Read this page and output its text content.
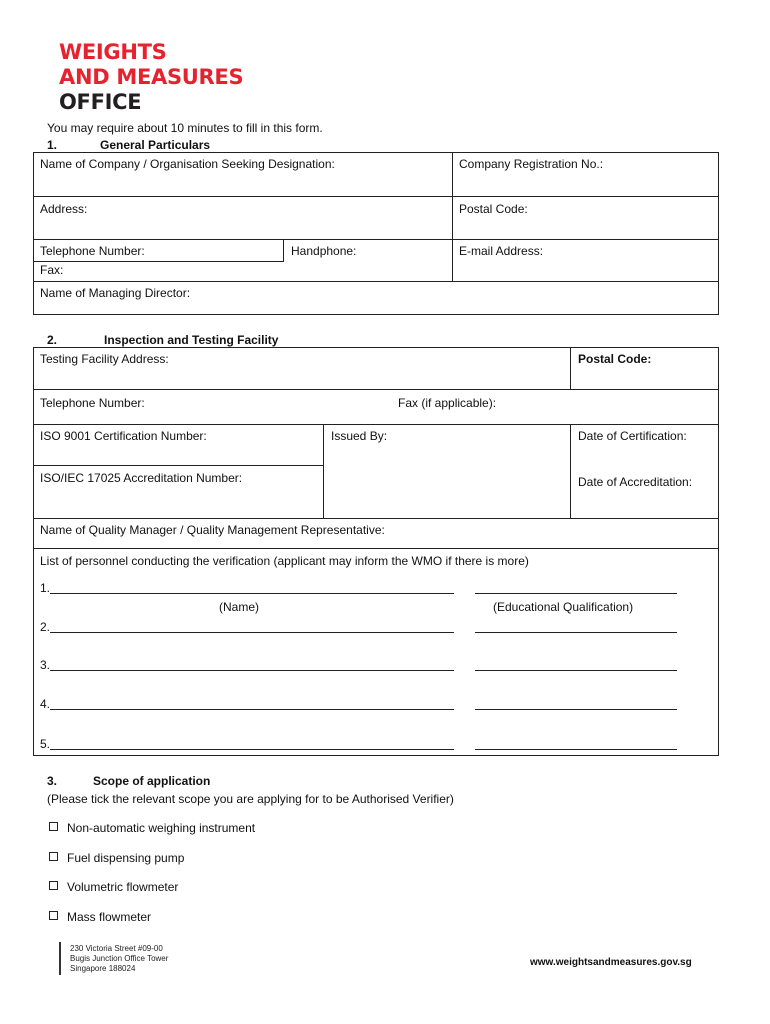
WEIGHTS
AND MEASURES
OFFICE
You may require about 10 minutes to fill in this form.
1.	General Particulars
Name of Company / Organisation Seeking Designation:	Company Registration No.:
Address:	Postal Code:
Telephone Number:	Handphone:	E-mail Address:
Fax:
Name of Managing Director:
2.	Inspection and Testing Facility
Testing Facility Address:	Postal Code:
Telephone Number:	Fax (if applicable):
ISO 9001 Certification Number:	Issued By:	Date of Certification:
ISO/IEC 17025 Accreditation Number:	Date of Accreditation:
Name of Quality Manager / Quality Management Representative:
List of personnel conducting the verification (applicant may inform the WMO if there is more)
1.
(Name)	(Educational Qualification)
2.
3.
4.
5.
3.	Scope of application
(Please tick the relevant scope you are applying for to be Authorised Verifier)
Non-automatic weighing instrument
Fuel dispensing pump
Volumetric flowmeter
Mass flowmeter
230 Victoria Street #09-00
Bugis Junction Office Tower
Singapore 188024
www.weightsandmeasures.gov.sg
